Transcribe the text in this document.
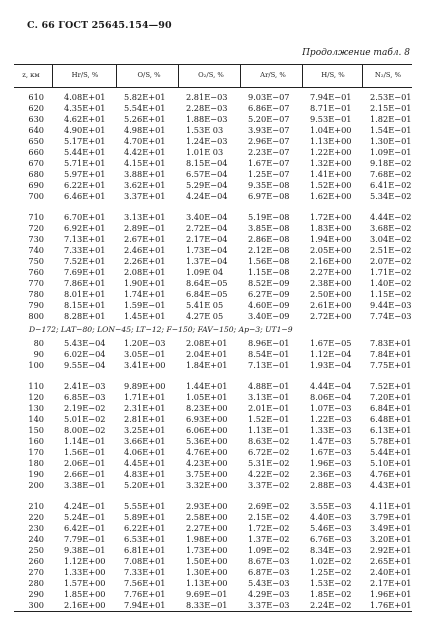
С. 66 ГОСТ 25645.154—90
Продолжение табл. 8
z, км	Hr/S, %	O/S, %	O₂/S, %	Ar/S, %	H/S, %	N₂/S, %
610 4.08E+01 5.82E+01	2.81E−03	9.03E−07	7.94E−01 2.53E−01
620 4.35E+01 5.54E+01	2.28E−03	6.86E−07	8.71E−01 2.15E−01
630 4.62E+01 5.26E+01	1.88E−03	5.20E−07	9.53E−01 1.82E−01
640 4.90E+01 4.98E+01	1.53E 03	3.93E−07	1.04E+00 1.54E−01
650 5.17E+01 4.70E+01	1.24E−03	2.96E−07	1.13E+00 1.30E−01
660 5.44E+01 4.42E+01	1.01E 03	2.23E−07	1.22E+00 1.09E−01
670 5.71E+01 4.15E+01	8.15E−04	1.67E−07	1.32E+00 9.18E−02
680 5.97E+01 3.88E+01	6.57E−04	1.25E−07	1.41E+00 7.68E−02
690 6.22E+01 3.62E+01	5.29E−04	9.35E−08	1.52E+00 6.41E−02
700 6.46E+01 3.37E+01	4.24E−04	6.97E−08	1.62E+00 5.34E−02
710 6.70E+01 3.13E+01	3.40E−04	5.19E−08	1.72E+00 4.44E−02
720 6.92E+01 2.89E−01	2.72E−04	3.85E−08	1.83E+00 3.68E−02
730 7.13E+01 2.67E+01	2.17E−04	2.86E−08	1.94E+00 3.04E−02
740 7.33E+01 2.46E+01	1.73E−04	2.12E−08	2.05E+00 2.51E−02
750 7.52E+01 2.26E+01	1.37E−04	1.56E−08	2.16E+00 2.07E−02
760 7.69E+01 2.08E+01	1.09E 04	1.15E−08	2.27E+00 1.71E−02
770 7.86E+01 1.90E+01	8.64E−05	8.52E−09	2.38E+00 1.40E−02
780 8.01E+01 1.74E+01	6.84E−05	6.27E−09	2.50E+00 1.15E−02
790 8.15E+01 1.59E−01	5.41E 05	4.60E−09	2.61E+00 9.44E−03
800 8.28E+01 1.45E+01	4.27E 05	3.40E−09	2.72E+00 7.74E−03
D−172; LAT−80; LON−45; LT−12; F−150; FAV−150; Ap−3; UT1−9
80 5.43E−04 1.20E−03	2.08E+01	8.96E−01	1.67E−05 7.83E+01
90 6.02E−04 3.05E−01	2.04E+01	8.54E−01	1.12E−04 7.84E+01
100 9.55E−04 3.41E+00	1.84E+01	7.13E−01	1.93E−04 7.75E+01
110 2.41E−03 9.89E+00	1.44E+01	4.88E−01	4.44E−04 7.52E+01
120 6.85E−03 1.71E+01	1.05E+01	3.13E−01	8.06E−04 7.20E+01
130 2.19E−02 2.31E+01	8.23E+00	2.01E−01	1.07E−03 6.84E+01
140 5.01E−02 2.81E+01	6.93E+00	1.52E−01	1.22E−03 6.48E+01
150 8.00E−02 3.25E+01	6.06E+00	1.13E−01	1.33E−03 6.13E+01
160 1.14E−01 3.66E+01	5.36E+00	8.63E−02	1.47E−03 5.78E+01
170 1.56E−01 4.06E+01	4.76E+00	6.72E−02	1.67E−03 5.44E+01
180 2.06E−01 4.45E+01	4.23E+00	5.31E−02	1.96E−03 5.10E+01
190 2.66E−01 4.83E+01	3.75E+00	4.22E−02	2.36E−03 4.76E+01
200 3.38E−01 5.20E+01	3.32E+00	3.37E−02	2.88E−03 4.43E+01
210 4.24E−01 5.55E+01	2.93E+00	2.69E−02	3.55E−03 4.11E+01
220 5.24E−01 5.89E+01	2.58E+00	2.15E−02	4.40E−03 3.79E+01
230 6.42E−01 6.22E+01	2.27E+00	1.72E−02	5.46E−03 3.49E+01
240 7.79E−01 6.53E+01	1.98E+00	1.37E−02	6.76E−03 3.20E+01
250 9.38E−01 6.81E+01	1.73E+00	1.09E−02	8.34E−03 2.92E+01
260 1.12E+00 7.08E+01	1.50E+00	8.67E−03	1.02E−02 2.65E+01
270 1.33E+00 7.33E+01	1.30E+00	6.87E−03	1.25E−02 2.40E+01
280 1.57E+00 7.56E+01	1.13E+00	5.43E−03	1.53E−02 2.17E+01
290 1.85E+00 7.76E+01	9.69E−01	4.29E−03	1.85E−02 1.96E+01
300 2.16E+00 7.94E+01	8.33E−01	3.37E−03	2.24E−02 1.76E+01
